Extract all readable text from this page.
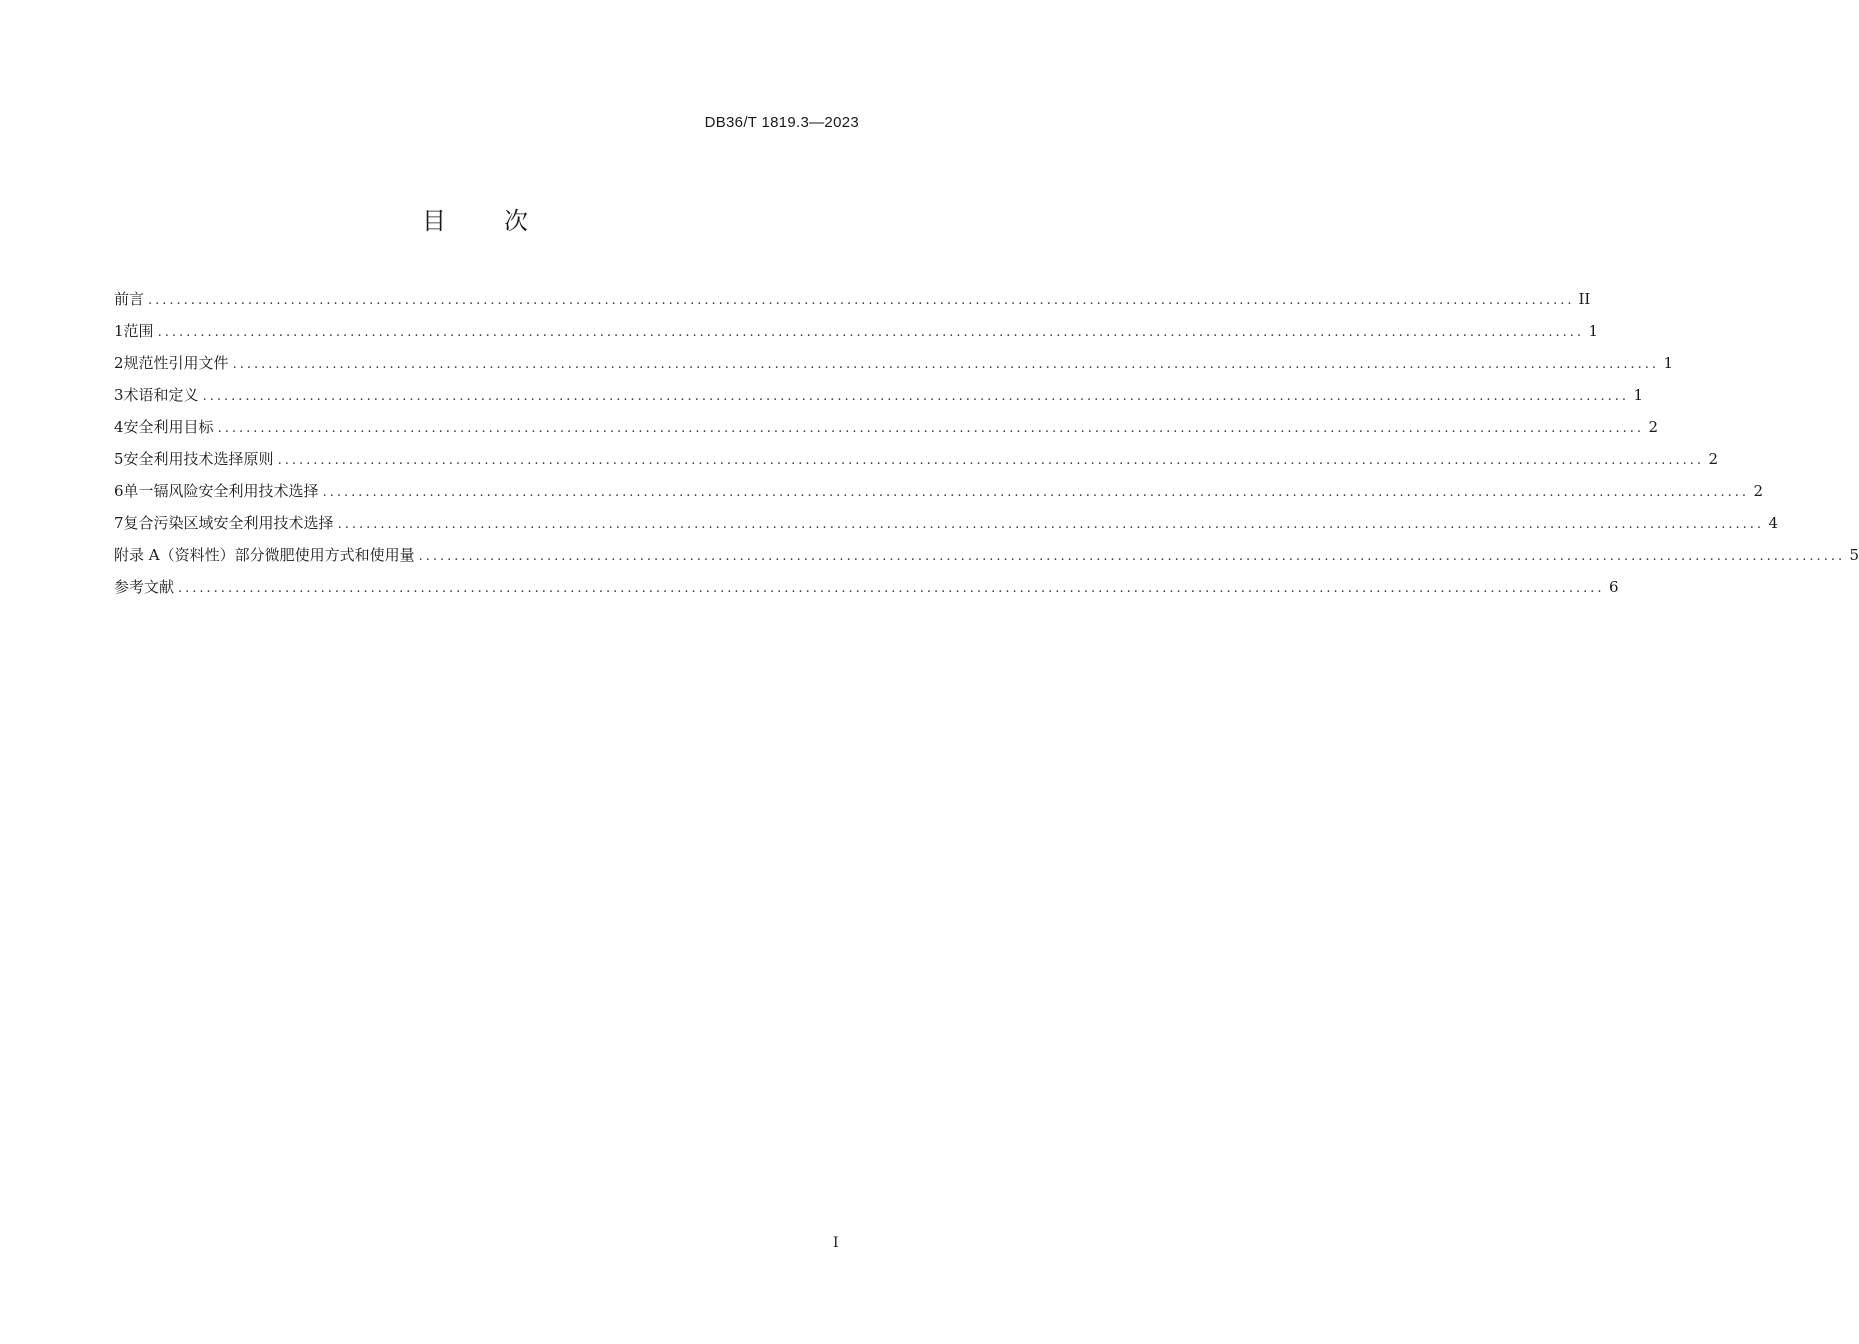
DB36/T 1819.3—2023
目次
前言 ........................................................................................................................................................................................................ II
1 范围 ........................................................................................................................................................................................................ 1
2 规范性引用文件 ........................................................................................................................................................................................................ 1
3 术语和定义 ........................................................................................................................................................................................................ 1
4 安全利用目标 ........................................................................................................................................................................................................ 2
5 安全利用技术选择原则 ........................................................................................................................................................................................................ 2
6 单一镉风险安全利用技术选择 ........................................................................................................................................................................................................ 2
7 复合污染区域安全利用技术选择 ........................................................................................................................................................................................................ 4
附录 A（资料性） 部分微肥使用方式和使用量 ........................................................................................................................................................................................................ 5
参考文献 ........................................................................................................................................................................................................ 6
I
